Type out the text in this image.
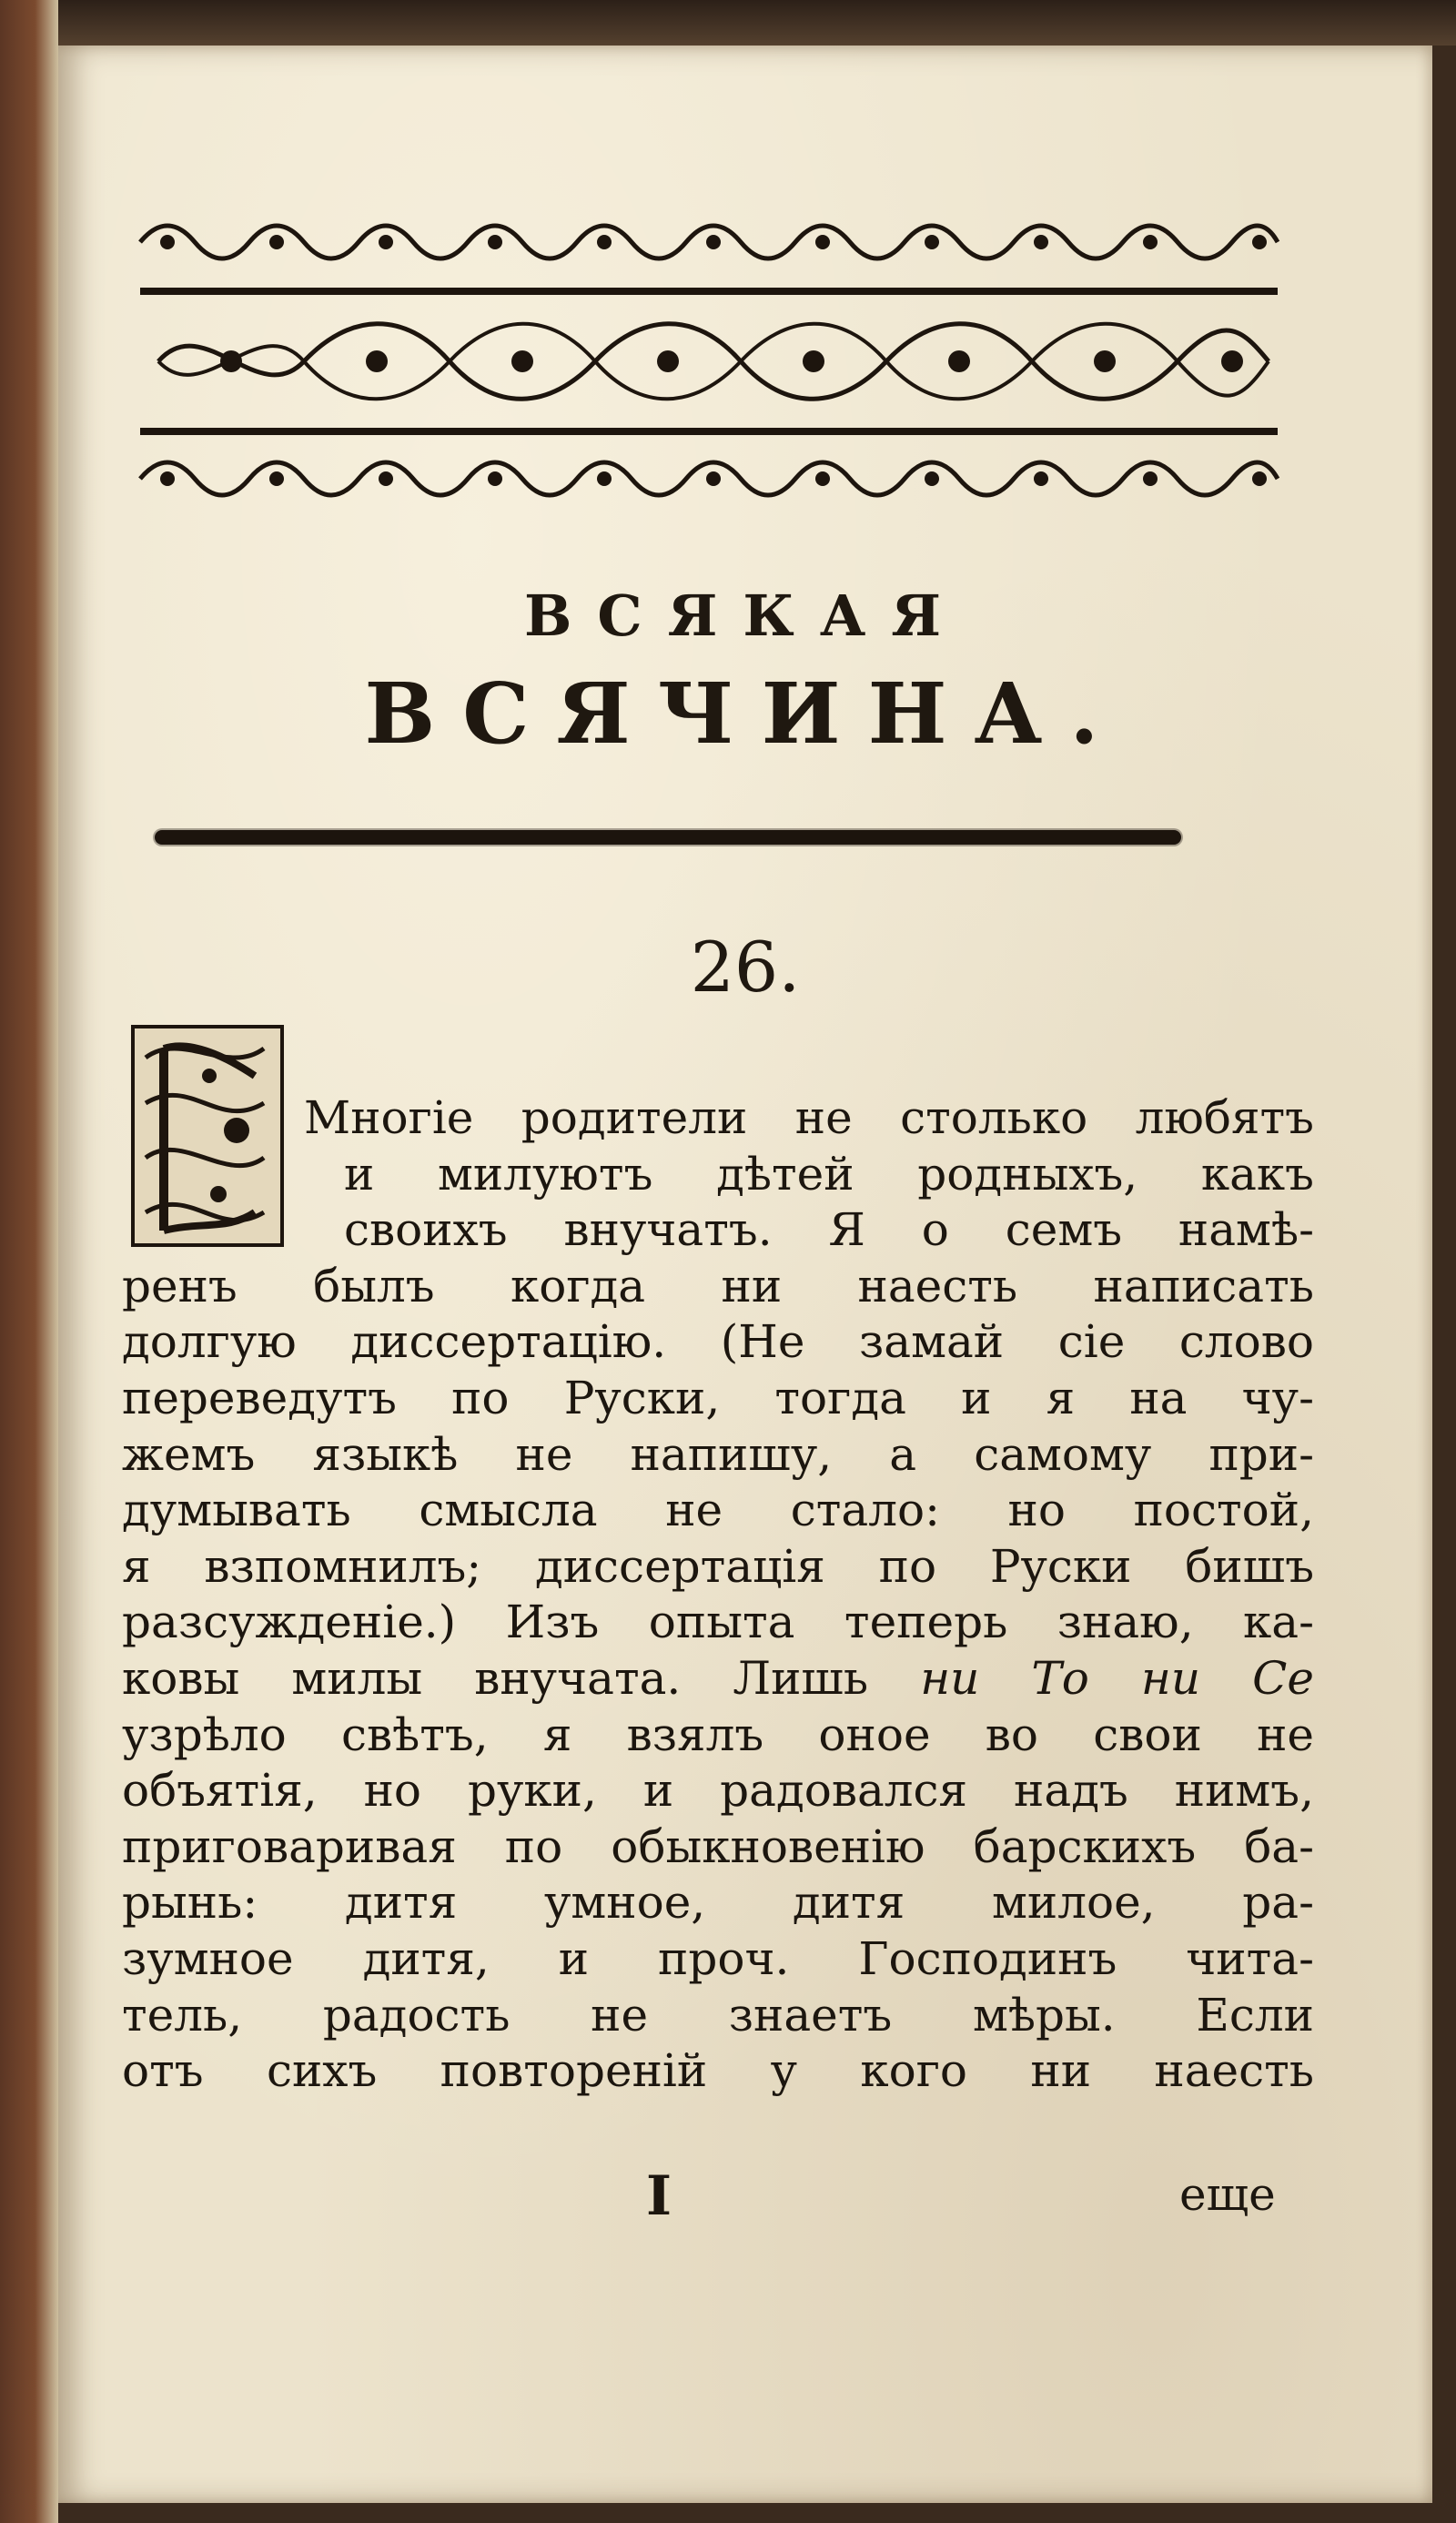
ВСЯКАЯ
ВСЯЧИНА.
26.
Многіе родители не столько любятъ
и милуютъ дѣтей родныхъ, какъ
своихъ внучатъ. Я о семъ намѣ-
ренъ былъ когда ни наесть написать
долгую диссертацію. (Не замай сіе слово
переведутъ по Руски, тогда и я на чу-
жемъ языкѣ не напишу, а самому при-
думывать смысла не стало: но постой,
я взпомнилъ; диссертація по Руски бишъ
разсужденіе.) Изъ опыта теперь знаю, ка-
ковы милы внучата. Лишь ни То ни Се
узрѣло свѣтъ, я взялъ оное во свои не
объятія, но руки, и радовался надъ нимъ,
приговаривая по обыкновенію барскихъ ба-
рынь: дитя умное, дитя милое, ра-
зумное дитя, и проч. Господинъ чита-
тель, радость не знаетъ мѣры. Если
отъ сихъ повтореній у кого ни наесть
I	еще
